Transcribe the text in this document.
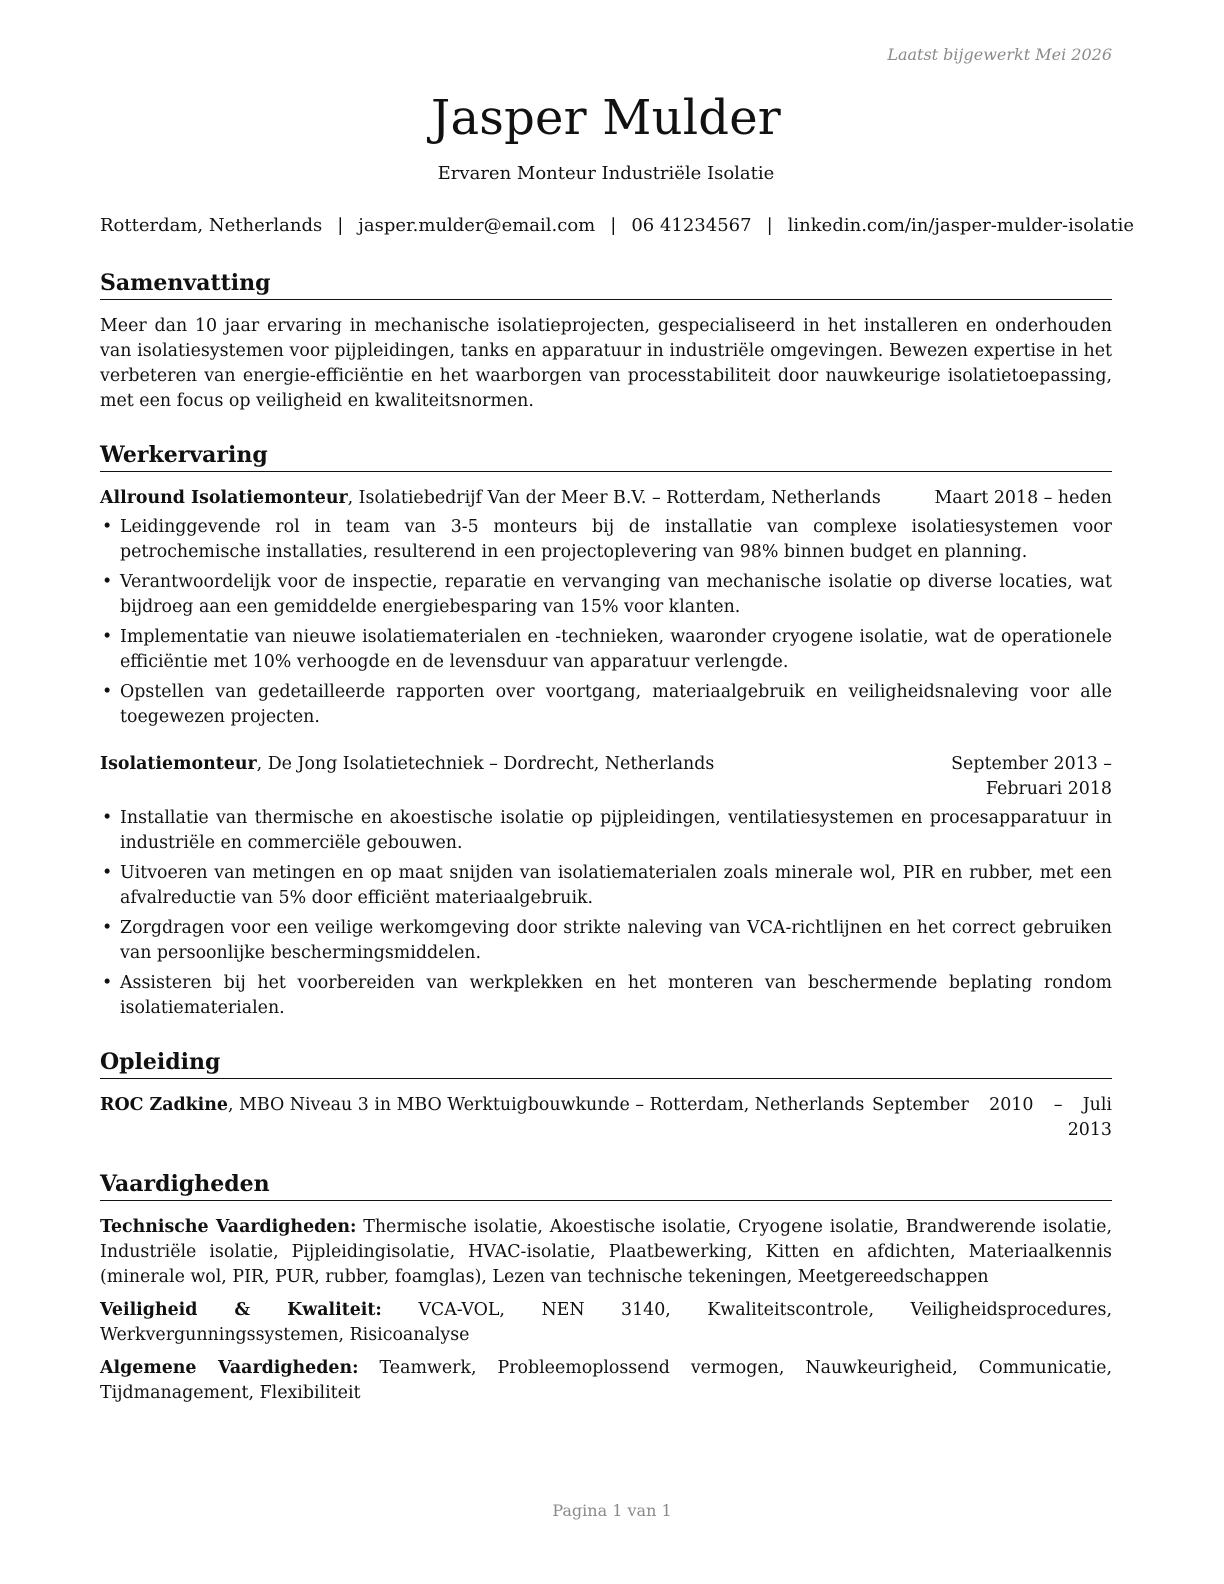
Laatst bijgewerkt Mei 2026
Jasper Mulder
Ervaren Monteur Industriële Isolatie
Rotterdam, Netherlands | jasper.mulder@email.com | 06 41234567 | linkedin.com/in/jasper-mulder-isolatie
Samenvatting
Meer dan 10 jaar ervaring in mechanische isolatieprojecten, gespecialiseerd in het installeren en onderhouden van isolatiesystemen voor pijpleidingen, tanks en apparatuur in industriële omgevingen. Bewezen expertise in het verbeteren van energie-efficiëntie en het waarborgen van processtabiliteit door nauwkeurige isolatietoepassing, met een focus op veiligheid en kwaliteitsnormen.
Werkervaring
Allround Isolatiemonteur, Isolatiebedrijf Van der Meer B.V. – Rotterdam, Netherlands	Maart 2018 – heden
• Leidinggevende rol in team van 3-5 monteurs bij de installatie van complexe isolatiesystemen voor petrochemische installaties, resulterend in een projectoplevering van 98% binnen budget en planning.
• Verantwoordelijk voor de inspectie, reparatie en vervanging van mechanische isolatie op diverse locaties, wat bijdroeg aan een gemiddelde energiebesparing van 15% voor klanten.
• Implementatie van nieuwe isolatiematerialen en -technieken, waaronder cryogene isolatie, wat de operationele efficiëntie met 10% verhoogde en de levensduur van apparatuur verlengde.
• Opstellen van gedetailleerde rapporten over voortgang, materiaalgebruik en veiligheidsnaleving voor alle toegewezen projecten.
Isolatiemonteur, De Jong Isolatietechniek – Dordrecht, Netherlands	September 2013 – Februari 2018
• Installatie van thermische en akoestische isolatie op pijpleidingen, ventilatiesystemen en procesapparatuur in industriële en commerciële gebouwen.
• Uitvoeren van metingen en op maat snijden van isolatiematerialen zoals minerale wol, PIR en rubber, met een afvalreductie van 5% door efficiënt materiaalgebruik.
• Zorgdragen voor een veilige werkomgeving door strikte naleving van VCA-richtlijnen en het correct gebruiken van persoonlijke beschermingsmiddelen.
• Assisteren bij het voorbereiden van werkplekken en het monteren van beschermende beplating rondom isolatiematerialen.
Opleiding
ROC Zadkine, MBO Niveau 3 in MBO Werktuigbouwkunde – Rotterdam, Netherlands September 2010 – Juli 2013
Vaardigheden
Technische Vaardigheden: Thermische isolatie, Akoestische isolatie, Cryogene isolatie, Brandwerende isolatie, Industriële isolatie, Pijpleidingisolatie, HVAC-isolatie, Plaatbewerking, Kitten en afdichten, Materiaalkennis (minerale wol, PIR, PUR, rubber, foamglas), Lezen van technische tekeningen, Meetgereedschappen
Veiligheid & Kwaliteit: VCA-VOL, NEN 3140, Kwaliteitscontrole, Veiligheidsprocedures, Werkvergunningssystemen, Risicoanalyse
Algemene Vaardigheden: Teamwerk, Probleemoplossend vermogen, Nauwkeurigheid, Communicatie, Tijdmanagement, Flexibiliteit
Pagina 1 van 1
